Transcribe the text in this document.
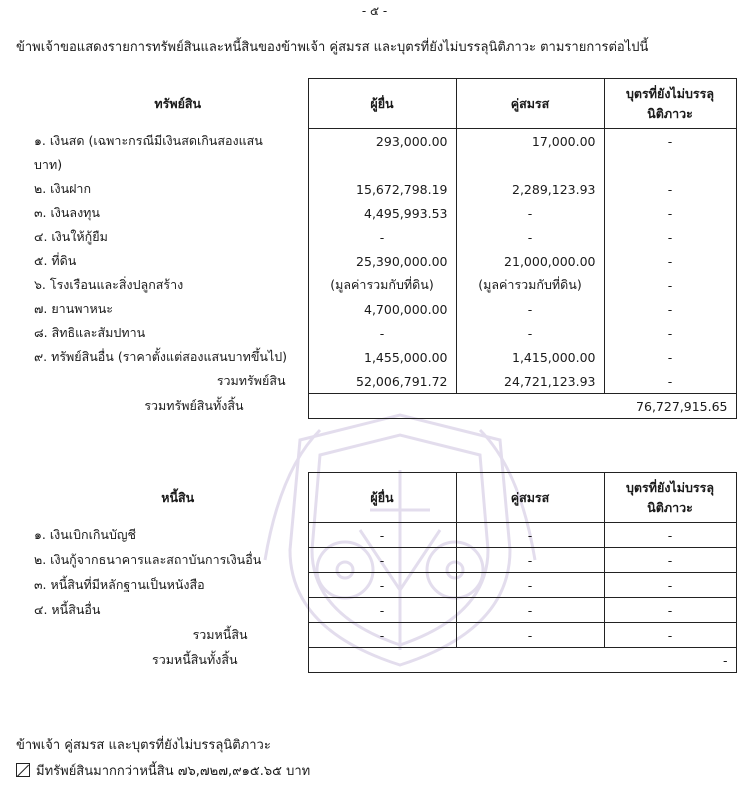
- ๕ -
ข้าพเจ้าขอแสดงรายการทรัพย์สินและหนี้สินของข้าพเจ้า คู่สมรส และบุตรที่ยังไม่บรรลุนิติภาวะ ตามรายการต่อไปนี้
ทรัพย์สิน	ผู้ยื่น	คู่สมรส	บุตรที่ยังไม่บรรลุ
นิติภาวะ
๑. เงินสด (เฉพาะกรณีมีเงินสดเกินสองแสน	293,000.00	17,000.00	-
บาท)			
๒. เงินฝาก	15,672,798.19	2,289,123.93	-
๓. เงินลงทุน	4,495,993.53	-	-
๔. เงินให้กู้ยืม	-	-	-
๕. ที่ดิน	25,390,000.00	21,000,000.00	-
๖. โรงเรือนและสิ่งปลูกสร้าง	(มูลค่ารวมกับที่ดิน)	(มูลค่ารวมกับที่ดิน)	-
๗. ยานพาหนะ	4,700,000.00	-	-
๘. สิทธิและสัมปทาน	-	-	-
๙. ทรัพย์สินอื่น (ราคาตั้งแต่สองแสนบาทขึ้นไป)	1,455,000.00	1,415,000.00	-
รวมทรัพย์สิน	52,006,791.72	24,721,123.93	-
รวมทรัพย์สินทั้งสิ้น	76,727,915.65		
หนี้สิน	ผู้ยื่น	คู่สมรส	บุตรที่ยังไม่บรรลุ
นิติภาวะ
๑. เงินเบิกเกินบัญชี	-	-	-
๒. เงินกู้จากธนาคารและสถาบันการเงินอื่น	-	-	-
๓. หนี้สินที่มีหลักฐานเป็นหนังสือ	-	-	-
๔. หนี้สินอื่น	-	-	-
รวมหนี้สิน	-	-	-
รวมหนี้สินทั้งสิ้น	-		
ข้าพเจ้า คู่สมรส และบุตรที่ยังไม่บรรลุนิติภาวะ
มีทรัพย์สินมากกว่าหนี้สิน ๗๖,๗๒๗,๙๑๕.๖๕ บาท
